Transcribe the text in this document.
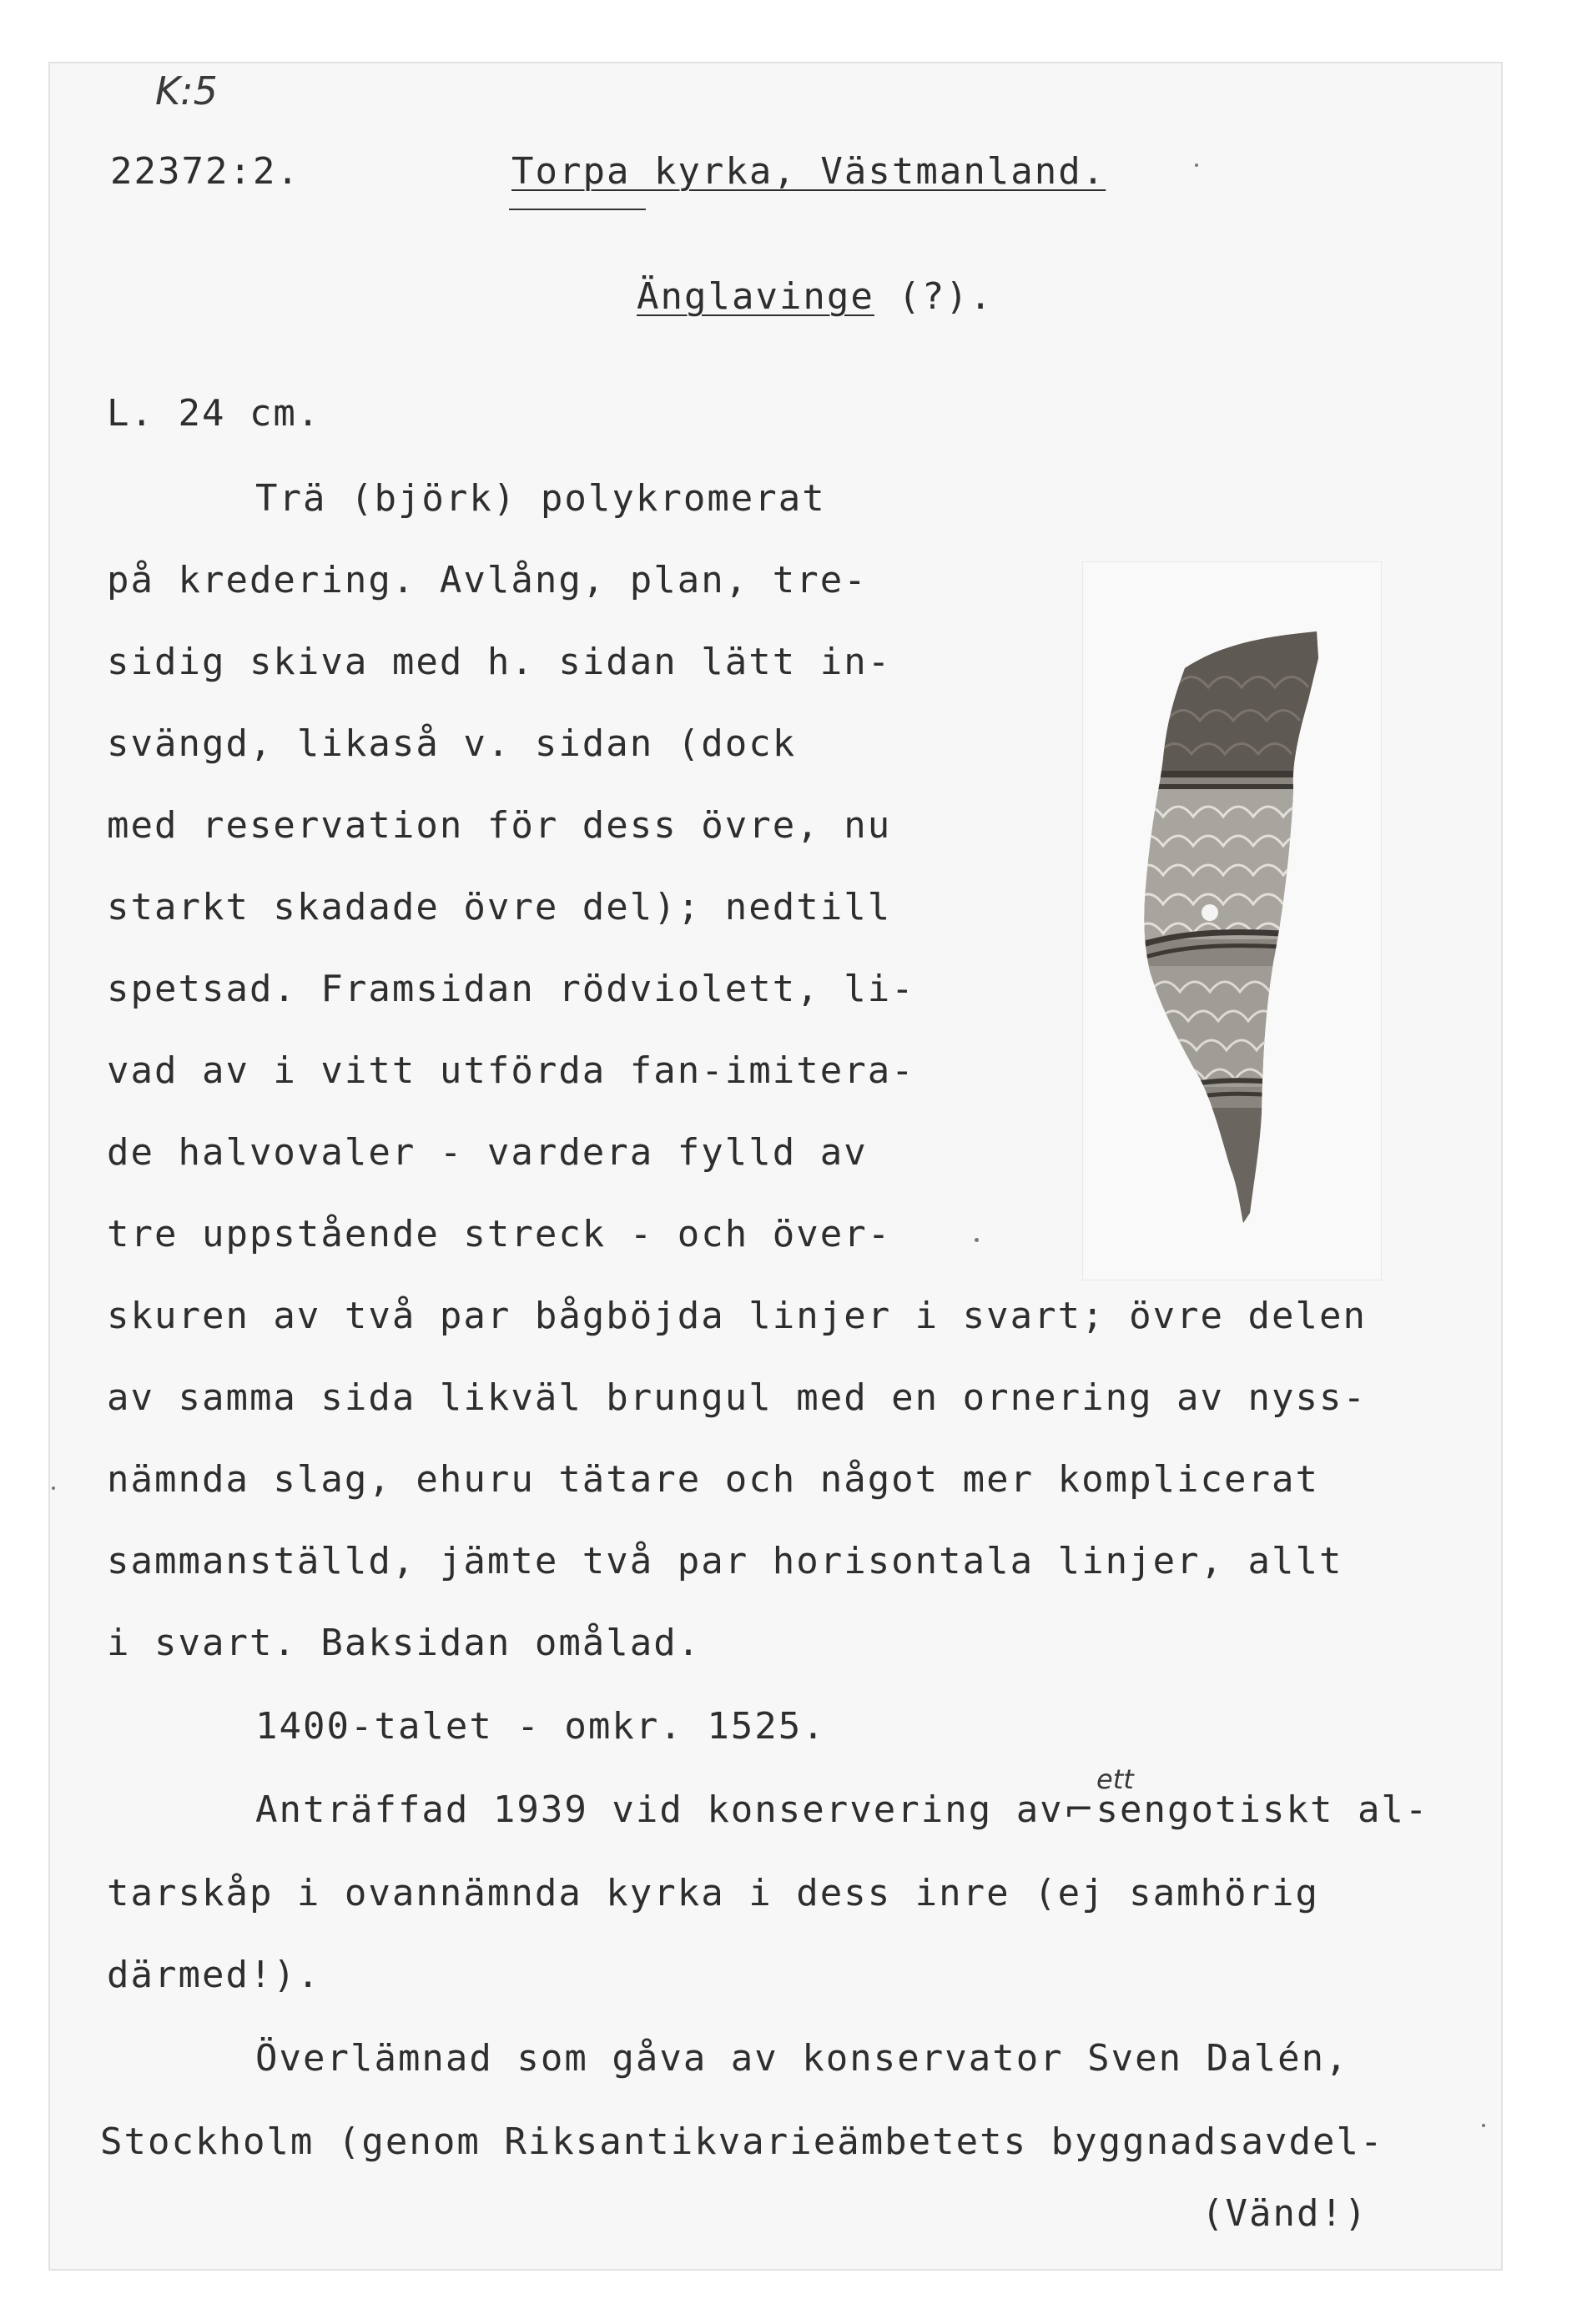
K:5
22372:2.	Torpa kyrka, Västmanland.
Änglavinge (?).
L. 24 cm.
Trä (björk) polykromerat
på kredering. Avlång, plan, tre-
sidig skiva med h. sidan lätt in-
svängd, likaså v. sidan (dock
med reservation för dess övre, nu
starkt skadade övre del); nedtill
spetsad. Framsidan rödviolett, li-
vad av i vitt utförda fan-imitera-
de halvovaler - vardera fylld av
tre uppstående streck - och över-
skuren av två par bågböjda linjer i svart; övre delen
av samma sida likväl brungul med en ornering av nyss-
nämnda slag, ehuru tätare och något mer komplicerat
sammanställd, jämte två par horisontala linjer, allt
i svart. Baksidan omålad.
1400-talet - omkr. 1525.
ett
Anträffad 1939 vid konservering av⌐sengotiskt al-
tarskåp i ovannämnda kyrka i dess inre (ej samhörig
därmed!).
Överlämnad som gåva av konservator Sven Dalén,
Stockholm (genom Riksantikvarieämbetets byggnadsavdel-
(Vänd!)
